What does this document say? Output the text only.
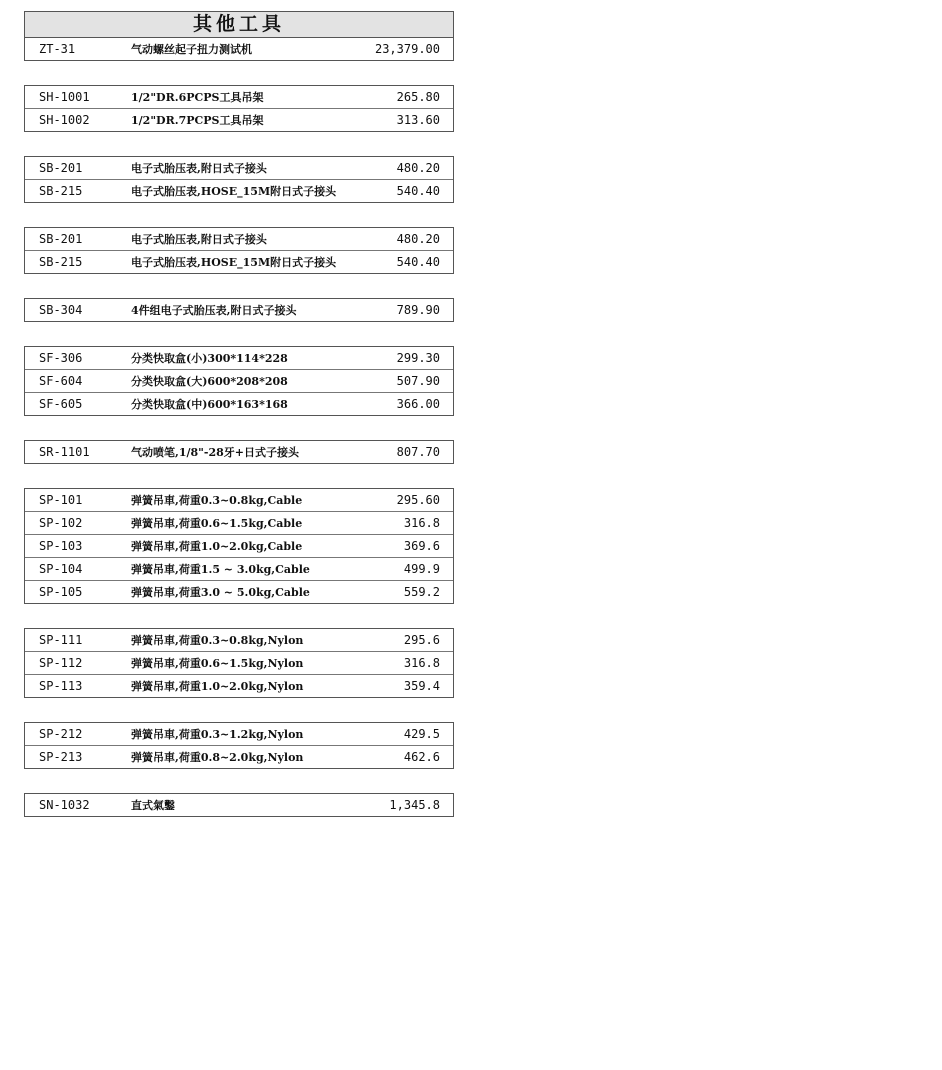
其他工具
ZT-31	气动螺丝起子扭力测试机	23,379.00
SH-1001	1/2"DR.6PCPS工具吊架	265.80
SH-1002	1/2"DR.7PCPS工具吊架	313.60
SB-201	电子式胎压表,附日式子接头	480.20
SB-215	电子式胎压表,HOSE_15M附日式子接头	540.40
SB-201	电子式胎压表,附日式子接头	480.20
SB-215	电子式胎压表,HOSE_15M附日式子接头	540.40
SB-304	4件组电子式胎压表,附日式子接头	789.90
SF-306	分类快取盒(小)300*114*228	299.30
SF-604	分类快取盒(大)600*208*208	507.90
SF-605	分类快取盒(中)600*163*168	366.00
SR-1101	气动喷笔,1/8"-28牙+日式子接头	807.70
SP-101	弹簧吊車,荷重0.3~0.8kg,Cable	295.60
SP-102	弹簧吊車,荷重0.6~1.5kg,Cable	316.8
SP-103	弹簧吊車,荷重1.0~2.0kg,Cable	369.6
SP-104	弹簧吊車,荷重1.5 ~ 3.0kg,Cable	499.9
SP-105	弹簧吊車,荷重3.0 ~ 5.0kg,Cable	559.2
SP-111	弹簧吊車,荷重0.3~0.8kg,Nylon	295.6
SP-112	弹簧吊車,荷重0.6~1.5kg,Nylon	316.8
SP-113	弹簧吊車,荷重1.0~2.0kg,Nylon	359.4
SP-212	弹簧吊車,荷重0.3~1.2kg,Nylon	429.5
SP-213	弹簧吊車,荷重0.8~2.0kg,Nylon	462.6
SN-1032	直式氣鑿	1,345.8
